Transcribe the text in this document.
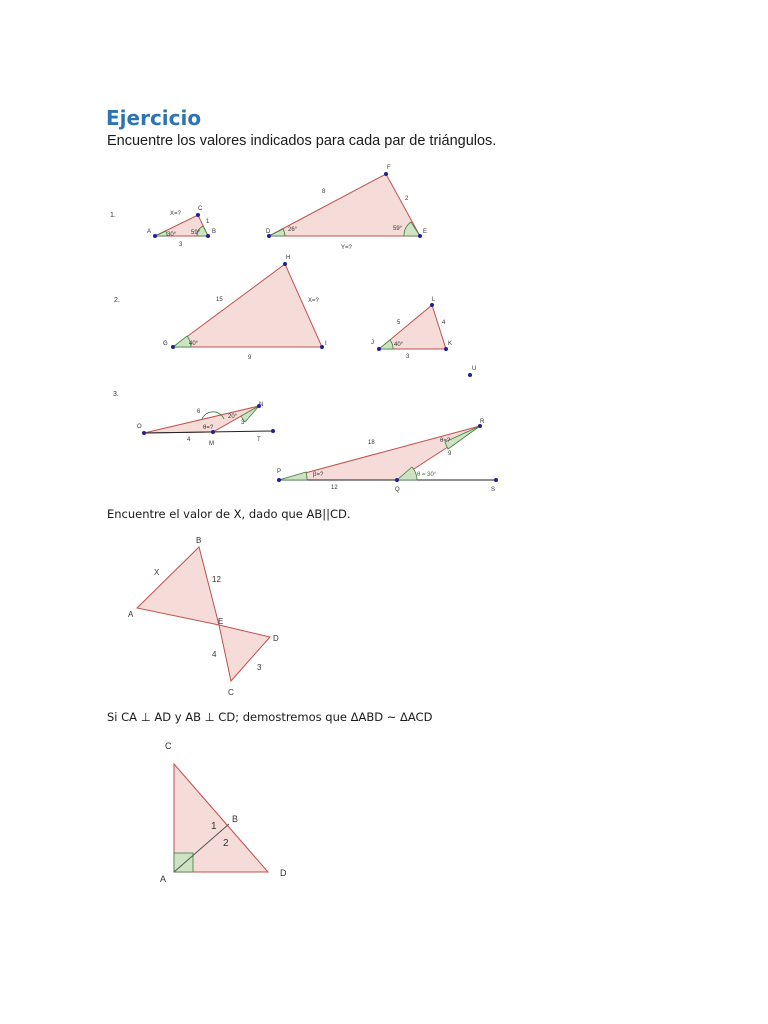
Ejercicio

Encuentre los valores indicados para cada par de triángulos.

1.
A
C
B
X=?
1
3
30° 59°	D
F
E
8
2
Y=?
26°	59°
2.
G
H
I
15	X=?
9
40°	J
L
K
5	4
3
40°
U
3.
O
N
M
T
6
3
4
20°
θ=?
P
R
Q	S
18
9
12
θ=?
β=?	θ = 30°

Encuentre el valor de X, dado que AB||CD.

B
A
E
D
C
X
12
4
3

Si CA ⊥ AD y AB ⊥ CD; demostremos que ΔABD ~ ΔACD

C
A
B
D
1
2
